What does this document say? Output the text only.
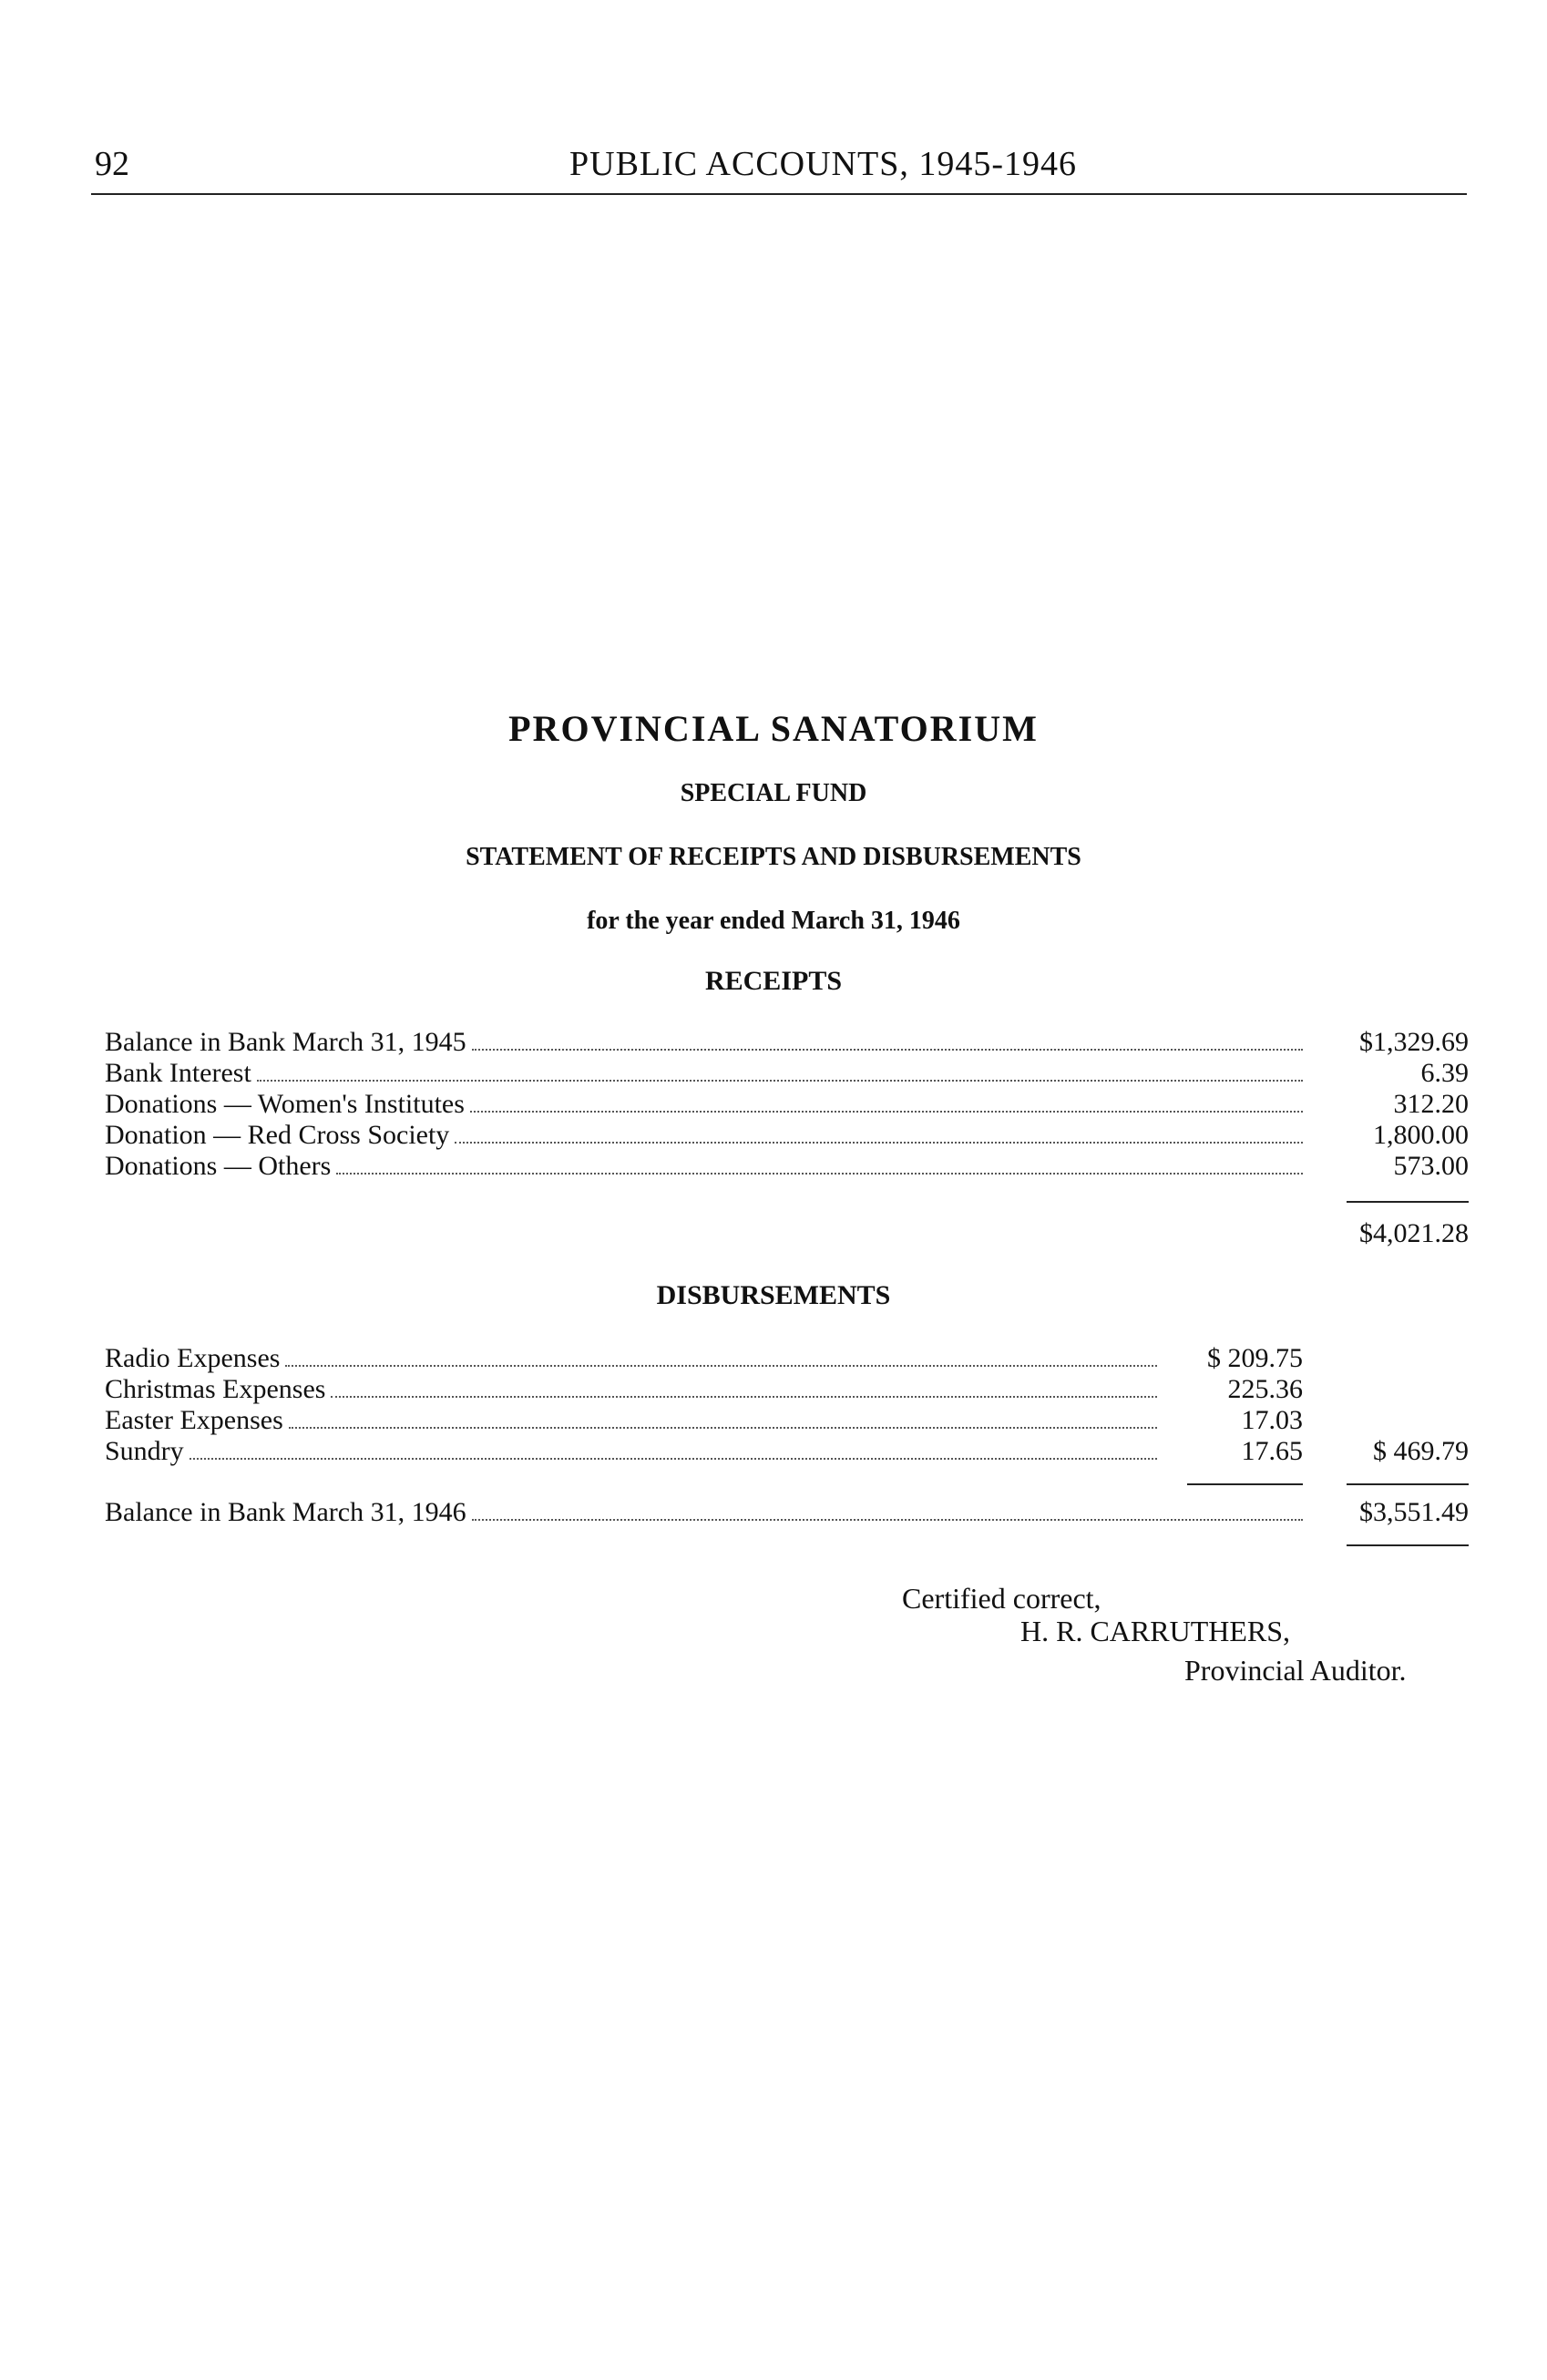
92	PUBLIC ACCOUNTS, 1945-1946
PROVINCIAL SANATORIUM
SPECIAL FUND
STATEMENT OF RECEIPTS AND DISBURSEMENTS
for the year ended March 31, 1946
RECEIPTS
Balance in Bank March 31, 1945	$1,329.69
Bank Interest	6.39
Donations — Women's Institutes	312.20
Donation — Red Cross Society	1,800.00
Donations — Others	573.00
$4,021.28
DISBURSEMENTS
Radio Expenses	$ 209.75
Christmas Expenses	225.36
Easter Expenses	17.03
Sundry	17.65	$ 469.79
Balance in Bank March 31, 1946	$3,551.49
Certified correct,
H. R. CARRUTHERS,
Provincial Auditor.
